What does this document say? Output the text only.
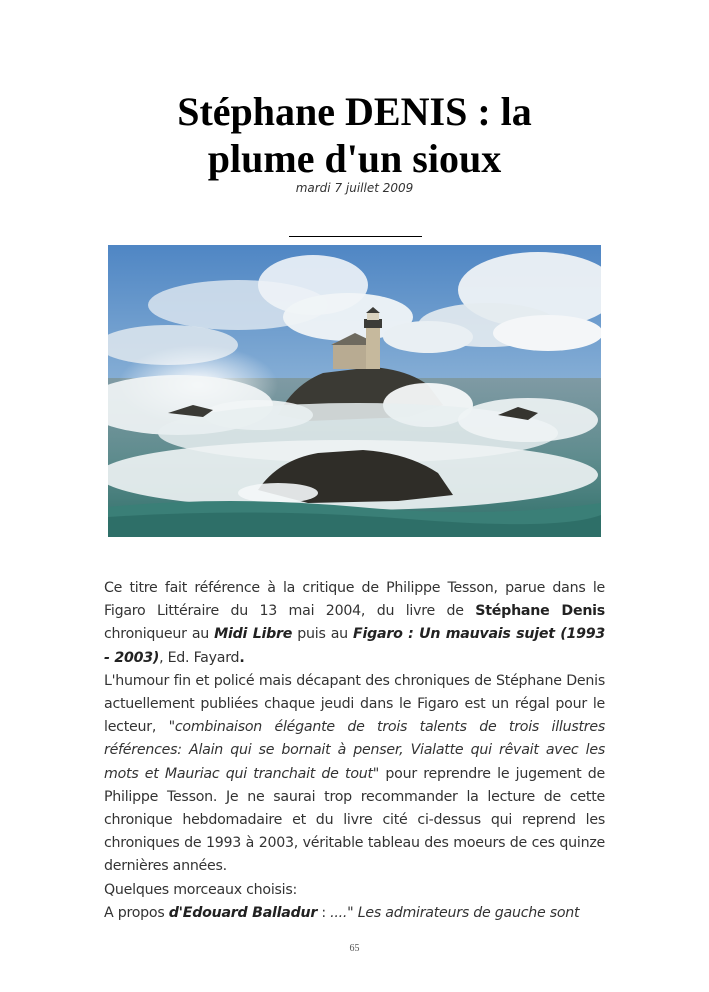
Stéphane DENIS : la
plume d'un sioux
mardi 7 juillet 2009

Ce titre fait référence à la critique de Philippe Tesson, parue dans le Figaro Littéraire du 13 mai 2004, du livre de Stéphane Denis chroniqueur au Midi Libre puis au Figaro : Un mauvais sujet (1993 - 2003), Ed. Fayard.

L'humour fin et policé mais décapant des chroniques de Stéphane Denis actuellement publiées chaque jeudi dans le Figaro est un régal pour le lecteur, "combinaison élégante de trois talents de trois illustres références: Alain qui se bornait à penser, Vialatte qui rêvait avec les mots et Mauriac qui tranchait de tout" pour reprendre le jugement de Philippe Tesson. Je ne saurai trop recommander la lecture de cette chronique hebdomadaire et du livre cité ci-dessus qui reprend les chroniques de 1993 à 2003, véritable tableau des moeurs de ces quinze dernières années.

Quelques morceaux choisis:

A propos d'Edouard Balladur : ...." Les admirateurs de gauche sont

65
